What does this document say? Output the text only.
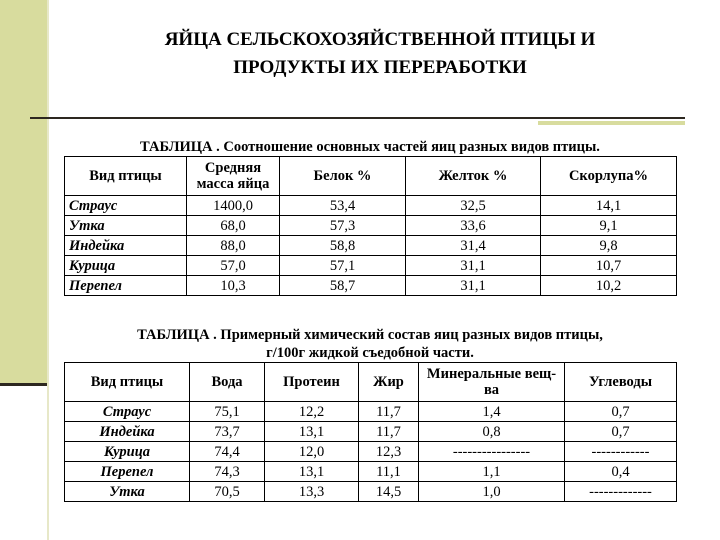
ЯЙЦА СЕЛЬСКОХОЗЯЙСТВЕННОЙ ПТИЦЫ И
ПРОДУКТЫ ИХ ПЕРЕРАБОТКИ
ТАБЛИЦА . Соотношение основных частей яиц разных видов птицы.
Вид птицы	Средняя масса яйца	Белок %	Желток %	Скорлупа%
Страус	1400,0	53,4	32,5	14,1
Утка	68,0	57,3	33,6	9,1
Индейка	88,0	58,8	31,4	9,8
Курица	57,0	57,1	31,1	10,7
Перепел	10,3	58,7	31,1	10,2
ТАБЛИЦА . Примерный химический состав яиц разных видов птицы,
г/100г жидкой съедобной части.
Вид птицы	Вода	Протеин	Жир	Минеральные вещ-ва	Углеводы
Страус	75,1	12,2	11,7	1,4	0,7
Индейка	73,7	13,1	11,7	0,8	0,7
Курица	74,4	12,0	12,3	----------------	------------
Перепел	74,3	13,1	11,1	1,1	0,4
Утка	70,5	13,3	14,5	1,0	-------------
